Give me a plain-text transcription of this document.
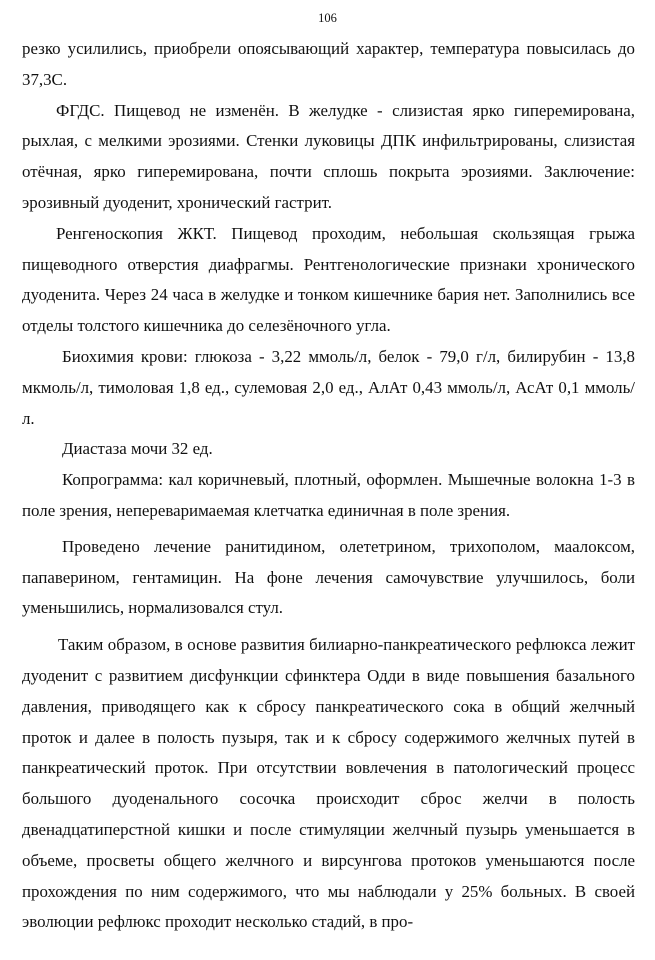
106

резко усилились, приобрели опоясывающий характер, температура повысилась до 37,3С.

ФГДС. Пищевод не изменён. В желудке - слизистая ярко гиперемирована, рыхлая, с мелкими эрозиями. Стенки луковицы ДПК инфильтрированы, слизистая отёчная, ярко гиперемирована, почти сплошь покрыта эрозиями. Заключение: эрозивный дуоденит, хронический гастрит.

Ренгеноскопия ЖКТ. Пищевод проходим, небольшая скользящая грыжа пищеводного отверстия диафрагмы. Рентгенологические признаки хронического дуоденита. Через 24 часа в желудке и тонком кишечнике бария нет. Заполнились все отделы толстого кишечника до селезёночного угла.

Биохимия крови: глюкоза - 3,22 ммоль/л, белок - 79,0 г/л, билирубин - 13,8 мкмоль/л, тимоловая 1,8 ед., сулемовая 2,0 ед., АлАт 0,43 ммоль/л, АсАт 0,1 ммоль/л.

Диастаза мочи 32 ед.

Копрограмма: кал коричневый, плотный, оформлен. Мышечные волокна 1-3 в поле зрения, непереваримаемая клетчатка единичная в поле зрения.

Проведено лечение ранитидином, олететрином, трихополом, маалоксом, папаверином, гентамицин. На фоне лечения самочувствие улучшилось, боли уменьшились, нормализовался стул.

Таким образом, в основе развития билиарно-панкреатического рефлюкса лежит дуоденит с развитием дисфункции сфинктера Одди в виде повышения базального давления, приводящего как к сбросу панкреатического сока в общий желчный проток и далее в полость пузыря, так и к сбросу содержимого желчных путей в панкреатический проток. При отсутствии вовлечения в патологический процесс большого дуоденального сосочка происходит сброс желчи в полость двенадцатиперстной кишки и после стимуляции желчный пузырь уменьшается в объеме, просветы общего желчного и вирсунгова протоков уменьшаются после прохождения по ним содержимого, что мы наблюдали у 25% больных. В своей эволюции рефлюкс проходит несколько стадий, в про-
